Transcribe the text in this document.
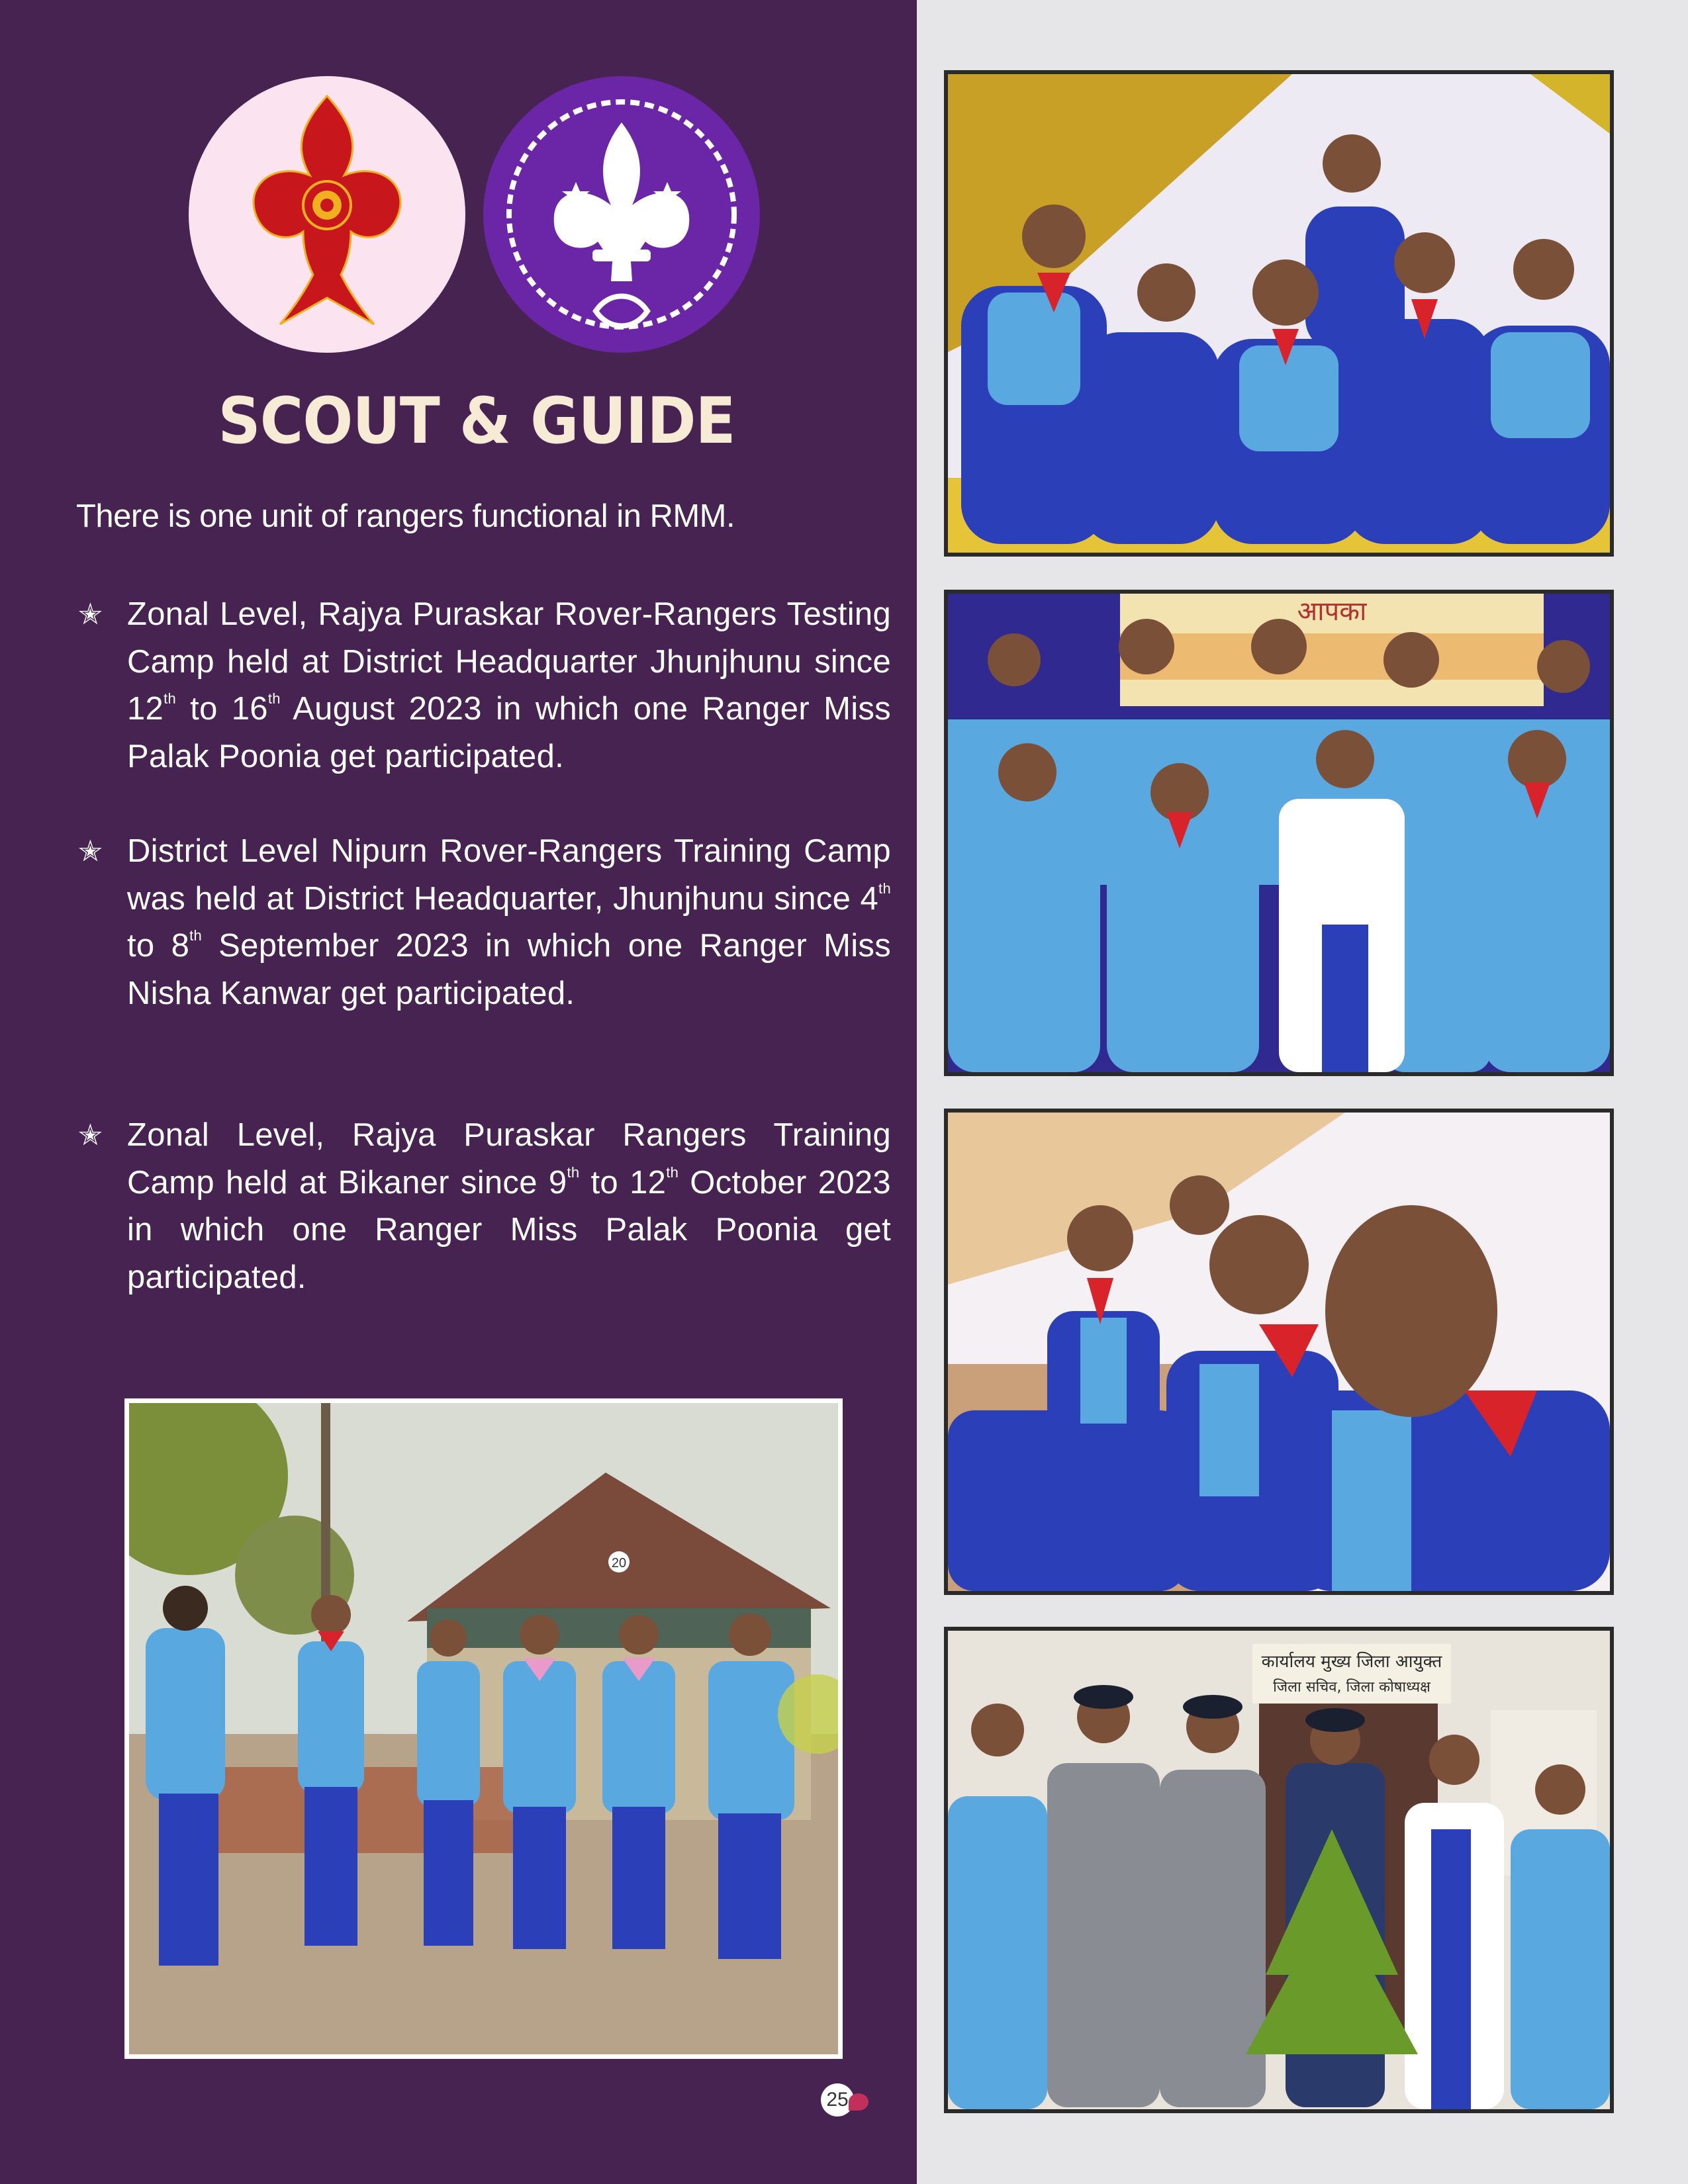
SCOUT & GUIDE
There is one unit of rangers functional in RMM.
✭ Zonal Level, Rajya Puraskar Rover-Rangers Testing Camp held at District Headquarter Jhunjhunu since 12th to 16th August 2023 in which one Ranger Miss Palak Poonia get participated.
✭ District Level Nipurn Rover-Rangers Training Camp was held at District Headquarter, Jhunjhunu since 4th to 8th September 2023 in which one Ranger Miss Nisha Kanwar get participated.
✭ Zonal Level, Rajya Puraskar Rangers Training Camp held at Bikaner since 9th to 12th October 2023 in which one Ranger Miss Palak Poonia get participated.
20
आपका
कार्यालय मुख्य जिला आयुक्त
जिला सचिव, जिला कोषाध्यक्ष
25
